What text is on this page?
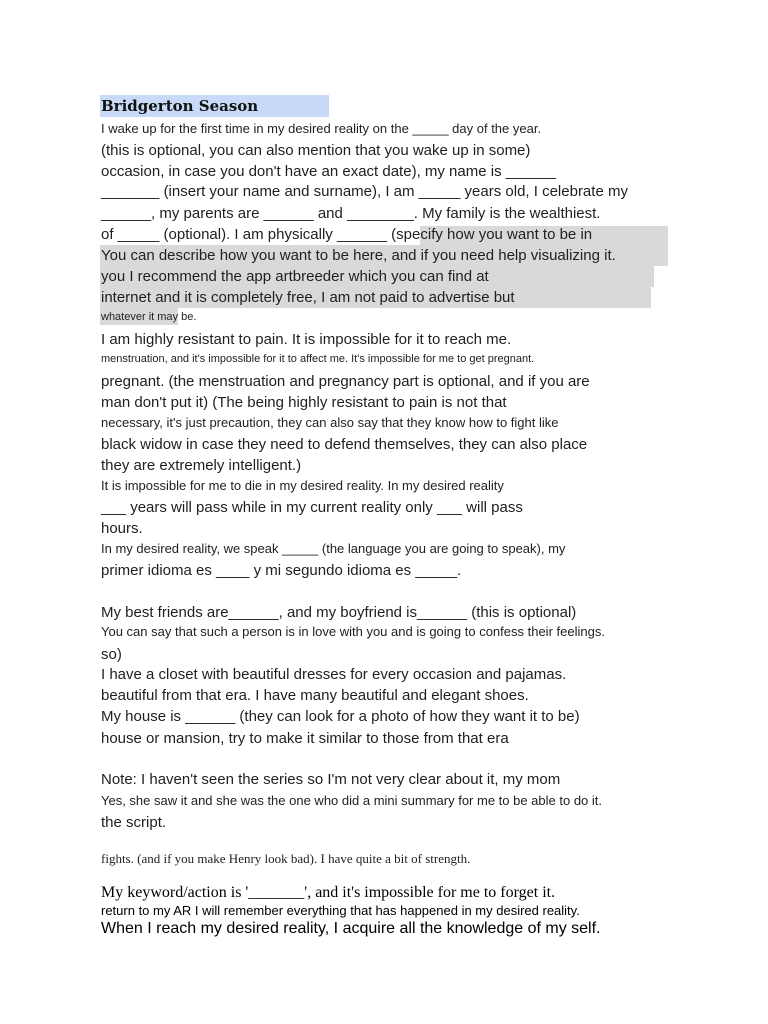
Bridgerton Season
I wake up for the first time in my desired reality on the _____ day of the year.
(this is optional, you can also mention that you wake up in some)
occasion, in case you don't have an exact date), my name is ______
_______ (insert your name and surname), I am _____ years old, I celebrate my
______, my parents are ______ and ________. My family is the wealthiest.
of _____ (optional). I am physically ______ (specify how you want to be in
You can describe how you want to be here, and if you need help visualizing it.
you I recommend the app artbreeder which you can find at
internet and it is completely free, I am not paid to advertise but
whatever it may be.
I am highly resistant to pain. It is impossible for it to reach me.
menstruation, and it's impossible for it to affect me. It's impossible for me to get pregnant.
pregnant. (the menstruation and pregnancy part is optional, and if you are
man don't put it) (The being highly resistant to pain is not that
necessary, it's just precaution, they can also say that they know how to fight like
black widow in case they need to defend themselves, they can also place
they are extremely intelligent.)
It is impossible for me to die in my desired reality. In my desired reality
___ years will pass while in my current reality only ___ will pass
hours.
In my desired reality, we speak _____ (the language you are going to speak), my
primer idioma es ____ y mi segundo idioma es _____.
My best friends are______, and my boyfriend is______ (this is optional)
You can say that such a person is in love with you and is going to confess their feelings.
so)
I have a closet with beautiful dresses for every occasion and pajamas.
beautiful from that era. I have many beautiful and elegant shoes.
My house is ______ (they can look for a photo of how they want it to be)
house or mansion, try to make it similar to those from that era
Note: I haven't seen the series so I'm not very clear about it, my mom
Yes, she saw it and she was the one who did a mini summary for me to be able to do it.
the script.
fights. (and if you make Henry look bad). I have quite a bit of strength.
My keyword/action is '_______', and it's impossible for me to forget it.
return to my AR I will remember everything that has happened in my desired reality.
When I reach my desired reality, I acquire all the knowledge of my self.
